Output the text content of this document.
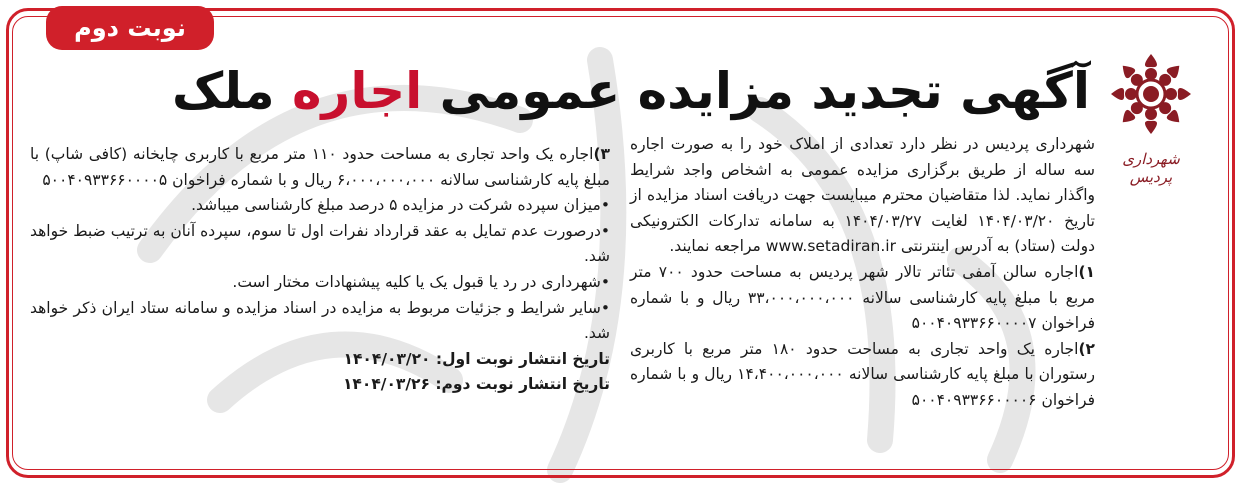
نوبت دوم
شهرداری پردیس
آگهی تجدید مزایده عمومی اجاره ملک

شهرداری پردیس در نظر دارد تعدادی از املاک خود را به صورت اجاره سه ساله از طریق برگزاری مزایده عمومی به اشخاص واجد شرایط واگذار نماید. لذا متقاضیان محترم میبایست جهت دریافت اسناد مزایده از تاریخ ۱۴۰۴/۰۳/۲۰ لغایت ۱۴۰۴/۰۳/۲۷ به سامانه تدارکات الکترونیکی دولت (ستاد) به آدرس اینترنتی www.setadiran.ir مراجعه نمایند.

۱)اجاره سالن آمفی تئاتر تالار شهر پردیس به مساحت حدود ۷۰۰ متر مربع با مبلغ پایه کارشناسی سالانه ۳۳،۰۰۰،۰۰۰،۰۰۰ ریال و با شماره فراخوان ۵۰۰۴۰۹۳۳۶۶۰۰۰۰۷

۲)اجاره یک واحد تجاری به مساحت حدود ۱۸۰ متر مربع با کاربری رستوران با مبلغ پایه کارشناسی سالانه ۱۴،۴۰۰،۰۰۰،۰۰۰ ریال و با شماره فراخوان ۵۰۰۴۰۹۳۳۶۶۰۰۰۰۶

۳)اجاره یک واحد تجاری به مساحت حدود ۱۱۰ متر مربع با کاربری چایخانه (کافی شاپ) با مبلغ پایه کارشناسی سالانه ۶،۰۰۰،۰۰۰،۰۰۰ ریال و با شماره فراخوان ۵۰۰۴۰۹۳۳۶۶۰۰۰۰۵

•میزان سپرده شرکت در مزایده ۵ درصد مبلغ کارشناسی میباشد.

•درصورت عدم تمایل به عقد قرارداد نفرات اول تا سوم، سپرده آنان به ترتیب ضبط خواهد شد.

•شهرداری در رد یا قبول یک یا کلیه پیشنهادات مختار است.

•سایر شرایط و جزئیات مربوط به مزایده در اسناد مزایده و سامانه ستاد ایران ذکر خواهد شد.

تاریخ انتشار نوبت اول: ۱۴۰۴/۰۳/۲۰

تاریخ انتشار نوبت دوم: ۱۴۰۴/۰۳/۲۶
